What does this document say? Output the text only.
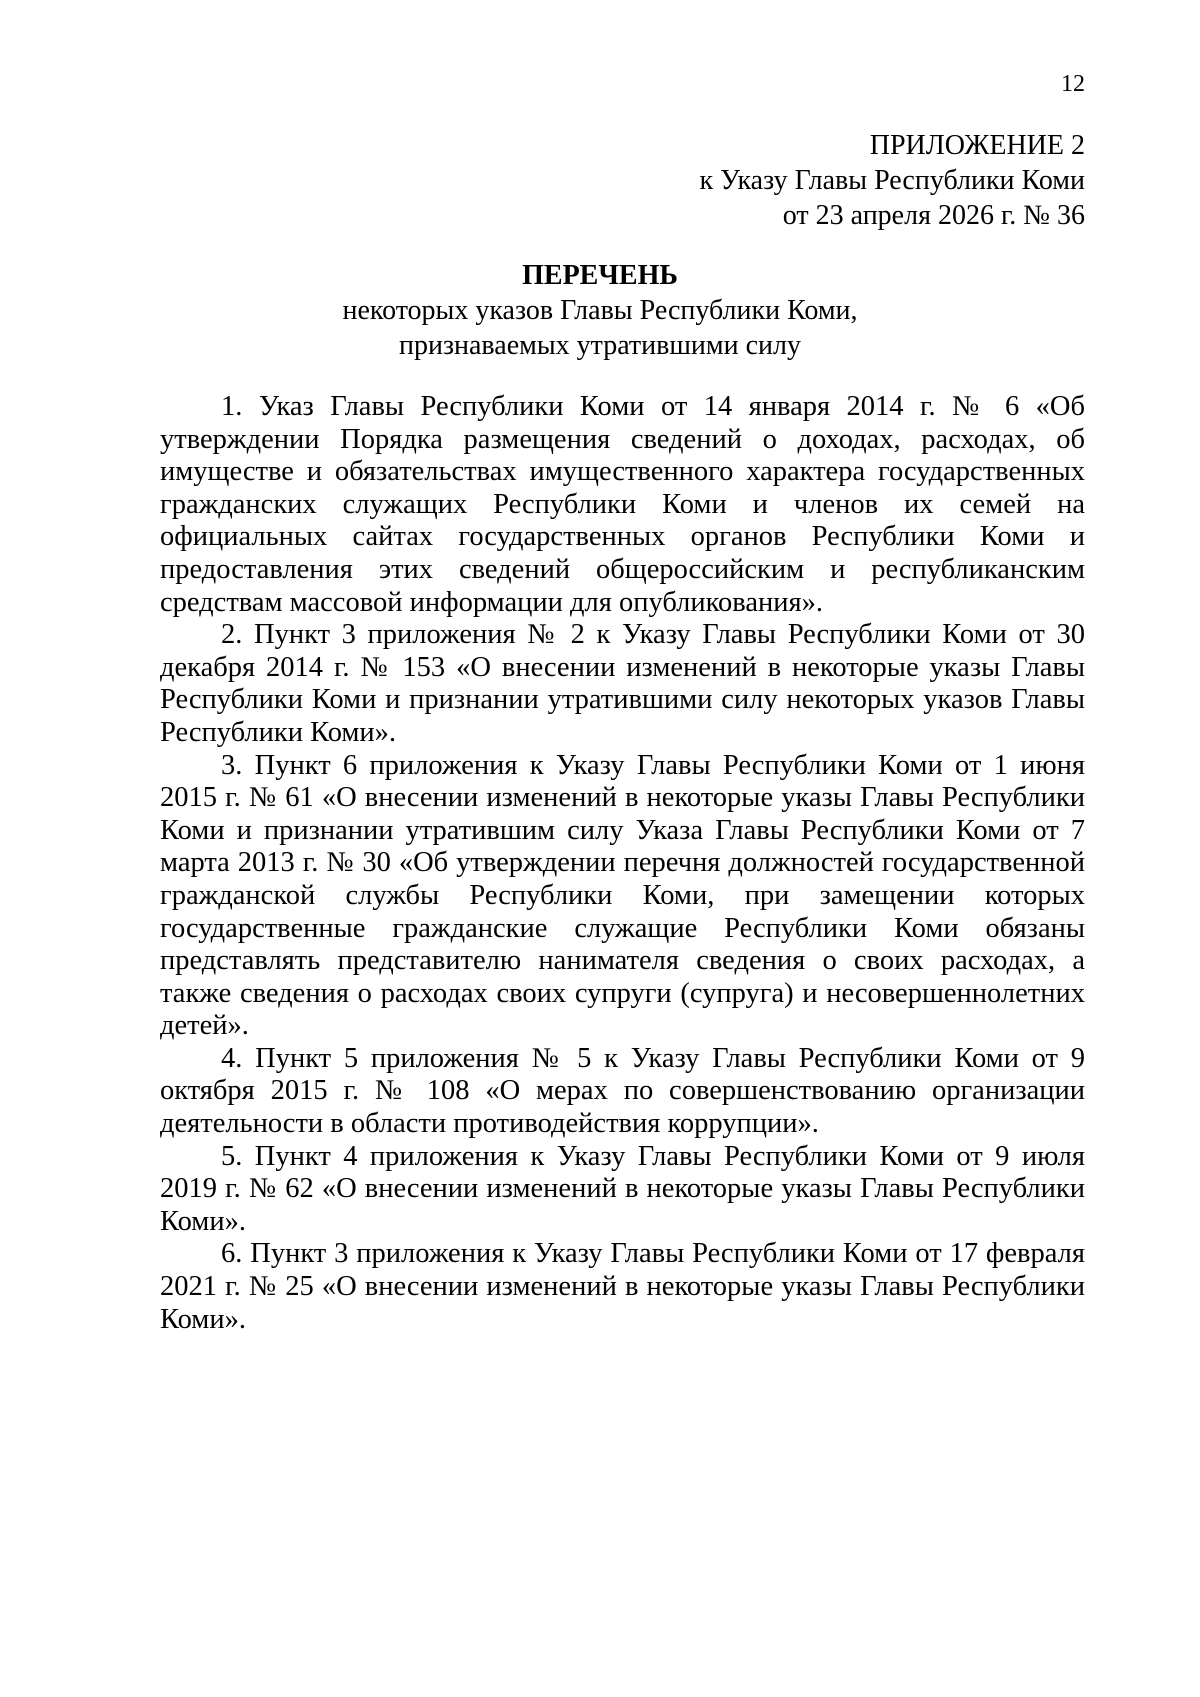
12
ПРИЛОЖЕНИЕ 2
к Указу Главы Республики Коми
от 23 апреля 2026 г. № 36
ПЕРЕЧЕНЬ
некоторых указов Главы Республики Коми,
признаваемых утратившими силу

1. Указ Главы Республики Коми от 14 января 2014 г. № 6 «Об утверждении Порядка размещения сведений о доходах, расходах, об имуществе и обязательствах имущественного характера государственных гражданских служащих Республики Коми и членов их семей на официальных сайтах государственных органов Республики Коми и предоставления этих сведений общероссийским и республиканским средствам массовой информации для опубликования».

2. Пункт 3 приложения № 2 к Указу Главы Республики Коми от 30 декабря 2014 г. № 153 «О внесении изменений в некоторые указы Главы Республики Коми и признании утратившими силу некоторых указов Главы Республики Коми».

3. Пункт 6 приложения к Указу Главы Республики Коми от 1 июня 2015 г. № 61 «О внесении изменений в некоторые указы Главы Республики Коми и признании утратившим силу Указа Главы Республики Коми от 7 марта 2013 г. № 30 «Об утверждении перечня должностей государственной гражданской службы Республики Коми, при замещении которых государственные гражданские служащие Республики Коми обязаны представлять представителю нанимателя сведения о своих расходах, а также сведения о расходах своих супруги (супруга) и несовершеннолетних детей».

4. Пункт 5 приложения № 5 к Указу Главы Республики Коми от 9 октября 2015 г. № 108 «О мерах по совершенствованию организации деятельности в области противодействия коррупции».

5. Пункт 4 приложения к Указу Главы Республики Коми от 9 июля 2019 г. № 62 «О внесении изменений в некоторые указы Главы Республики Коми».

6. Пункт 3 приложения к Указу Главы Республики Коми от 17 февраля 2021 г. № 25 «О внесении изменений в некоторые указы Главы Республики Коми».
